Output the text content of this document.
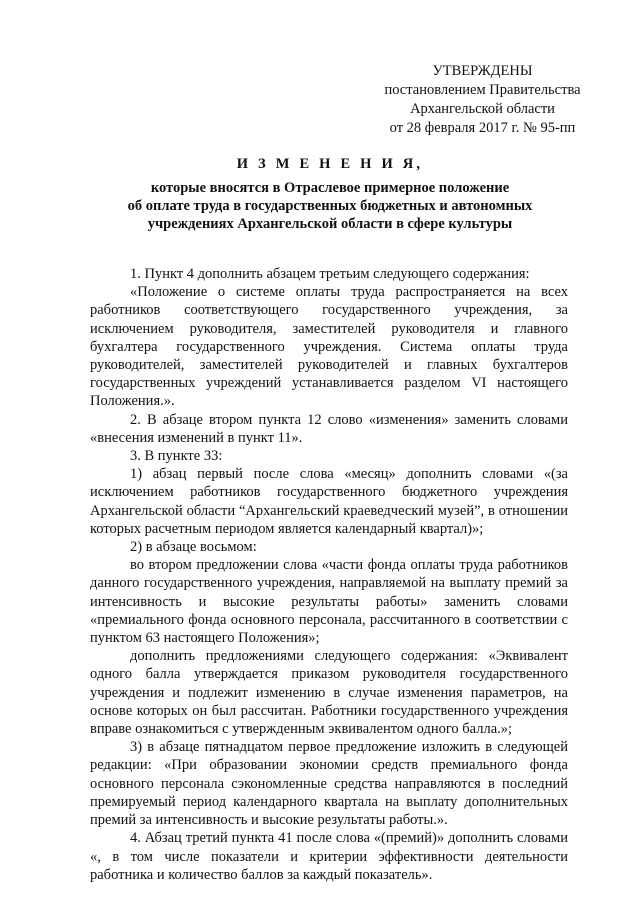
УТВЕРЖДЕНЫ
постановлением Правительства
Архангельской области
от 28 февраля 2017 г. № 95-пп
И З М Е Н Е Н И Я,
которые вносятся в Отраслевое примерное положение
об оплате труда в государственных бюджетных и автономных
учреждениях Архангельской области в сфере культуры

1. Пункт 4 дополнить абзацем третьим следующего содержания:

«Положение о системе оплаты труда распространяется на всех работников соответствующего государственного учреждения, за исключением руководителя, заместителей руководителя и главного бухгалтера государственного учреждения. Система оплаты труда руководителей, заместителей руководителей и главных бухгалтеров государственных учреждений устанавливается разделом VI настоящего Положения.».

2. В абзаце втором пункта 12 слово «изменения» заменить словами «внесения изменений в пункт 11».

3. В пункте 33:

1) абзац первый после слова «месяц» дополнить словами «(за исключением работников государственного бюджетного учреждения Архангельской области “Архангельский краеведческий музей”, в отношении которых расчетным периодом является календарный квартал)»;

2) в абзаце восьмом:

во втором предложении слова «части фонда оплаты труда работников данного государственного учреждения, направляемой на выплату премий за интенсивность и высокие результаты работы» заменить словами «премиального фонда основного персонала, рассчитанного в соответствии с пунктом 63 настоящего Положения»;

дополнить предложениями следующего содержания: «Эквивалент одного балла утверждается приказом руководителя государственного учреждения и подлежит изменению в случае изменения параметров, на основе которых он был рассчитан. Работники государственного учреждения вправе ознакомиться с утвержденным эквивалентом одного балла.»;

3) в абзаце пятнадцатом первое предложение изложить в следующей редакции: «При образовании экономии средств премиального фонда основного персонала сэкономленные средства направляются в последний премируемый период календарного квартала на выплату дополнительных премий за интенсивность и высокие результаты работы.».

4. Абзац третий пункта 41 после слова «(премий)» дополнить словами «, в том числе показатели и критерии эффективности деятельности работника и количество баллов за каждый показатель».
